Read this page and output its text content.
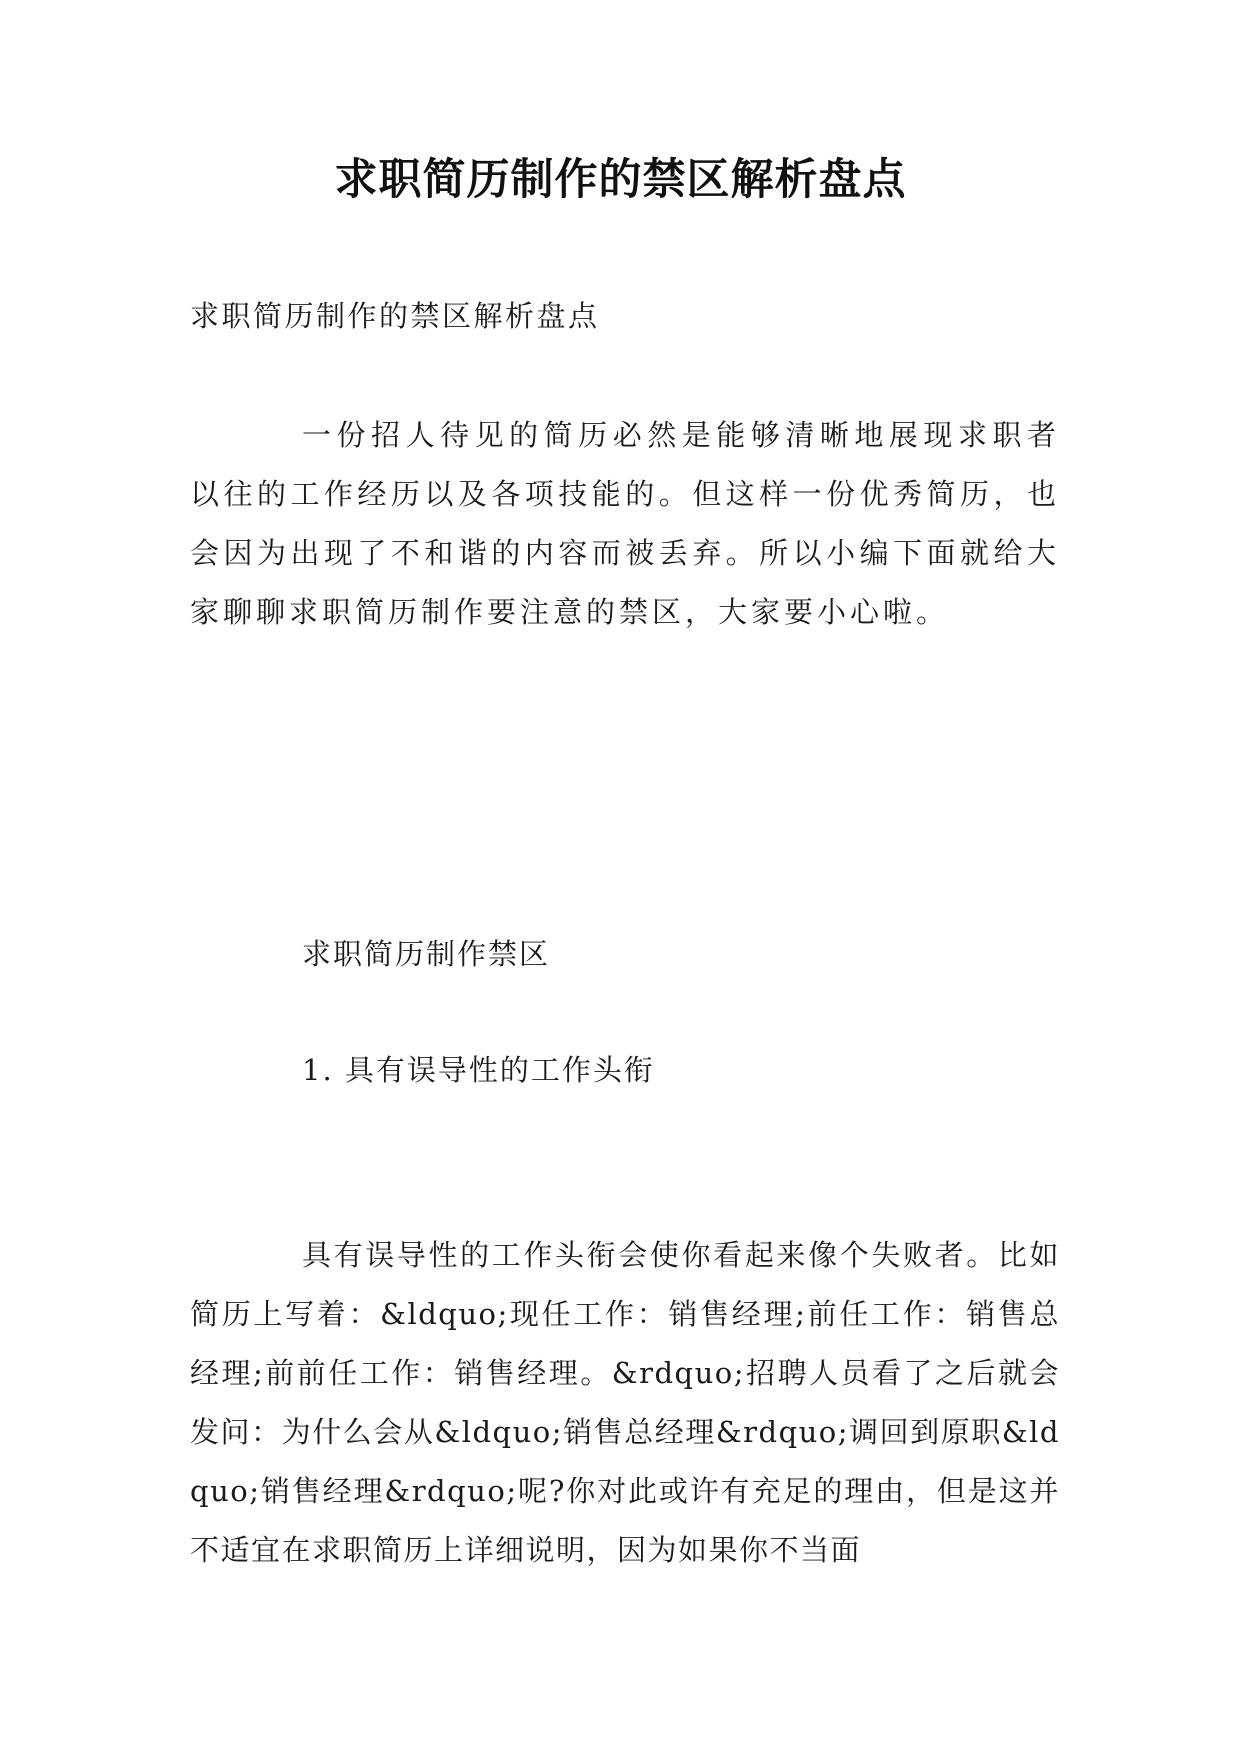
求职简历制作的禁区解析盘点

求职简历制作的禁区解析盘点

一份招人待见的简历必然是能够清晰地展现求职者以往的工作经历以及各项技能的。但这样一份优秀简历，也会因为出现了不和谐的内容而被丢弃。所以小编下面就给大家聊聊求职简历制作要注意的禁区，大家要小心啦。

求职简历制作禁区

1. 具有误导性的工作头衔

具有误导性的工作头衔会使你看起来像个失败者。比如简历上写着：&ldquo;现任工作：销售经理;前任工作：销售总经理;前前任工作：销售经理。&rdquo;招聘人员看了之后就会发问：为什么会从&ldquo;销售总经理&rdquo;调回到原职&ldquo;销售经理&rdquo;呢?你对此或许有充足的理由，但是这并不适宜在求职简历上详细说明，因为如果你不当面
